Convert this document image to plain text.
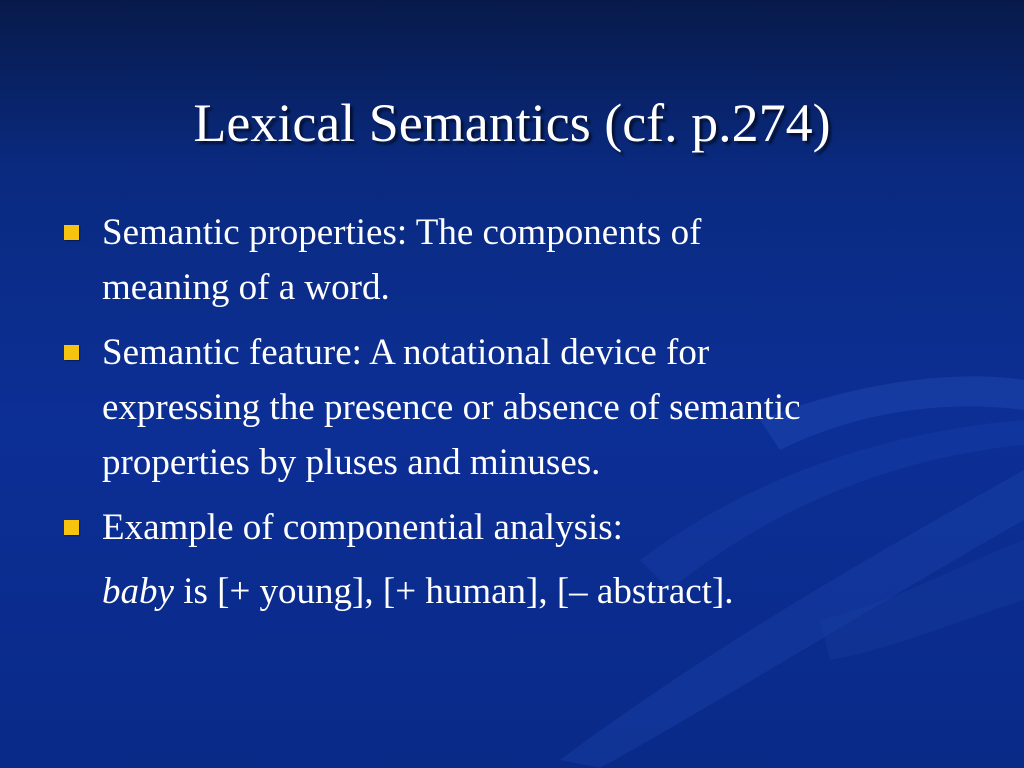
Lexical Semantics (cf. p.274)
Semantic properties: The components of
meaning of a word.
Semantic feature: A notational device for
expressing the presence or absence of semantic
properties by pluses and minuses.
Example of componential analysis:
baby is [+ young], [+ human], [– abstract].
